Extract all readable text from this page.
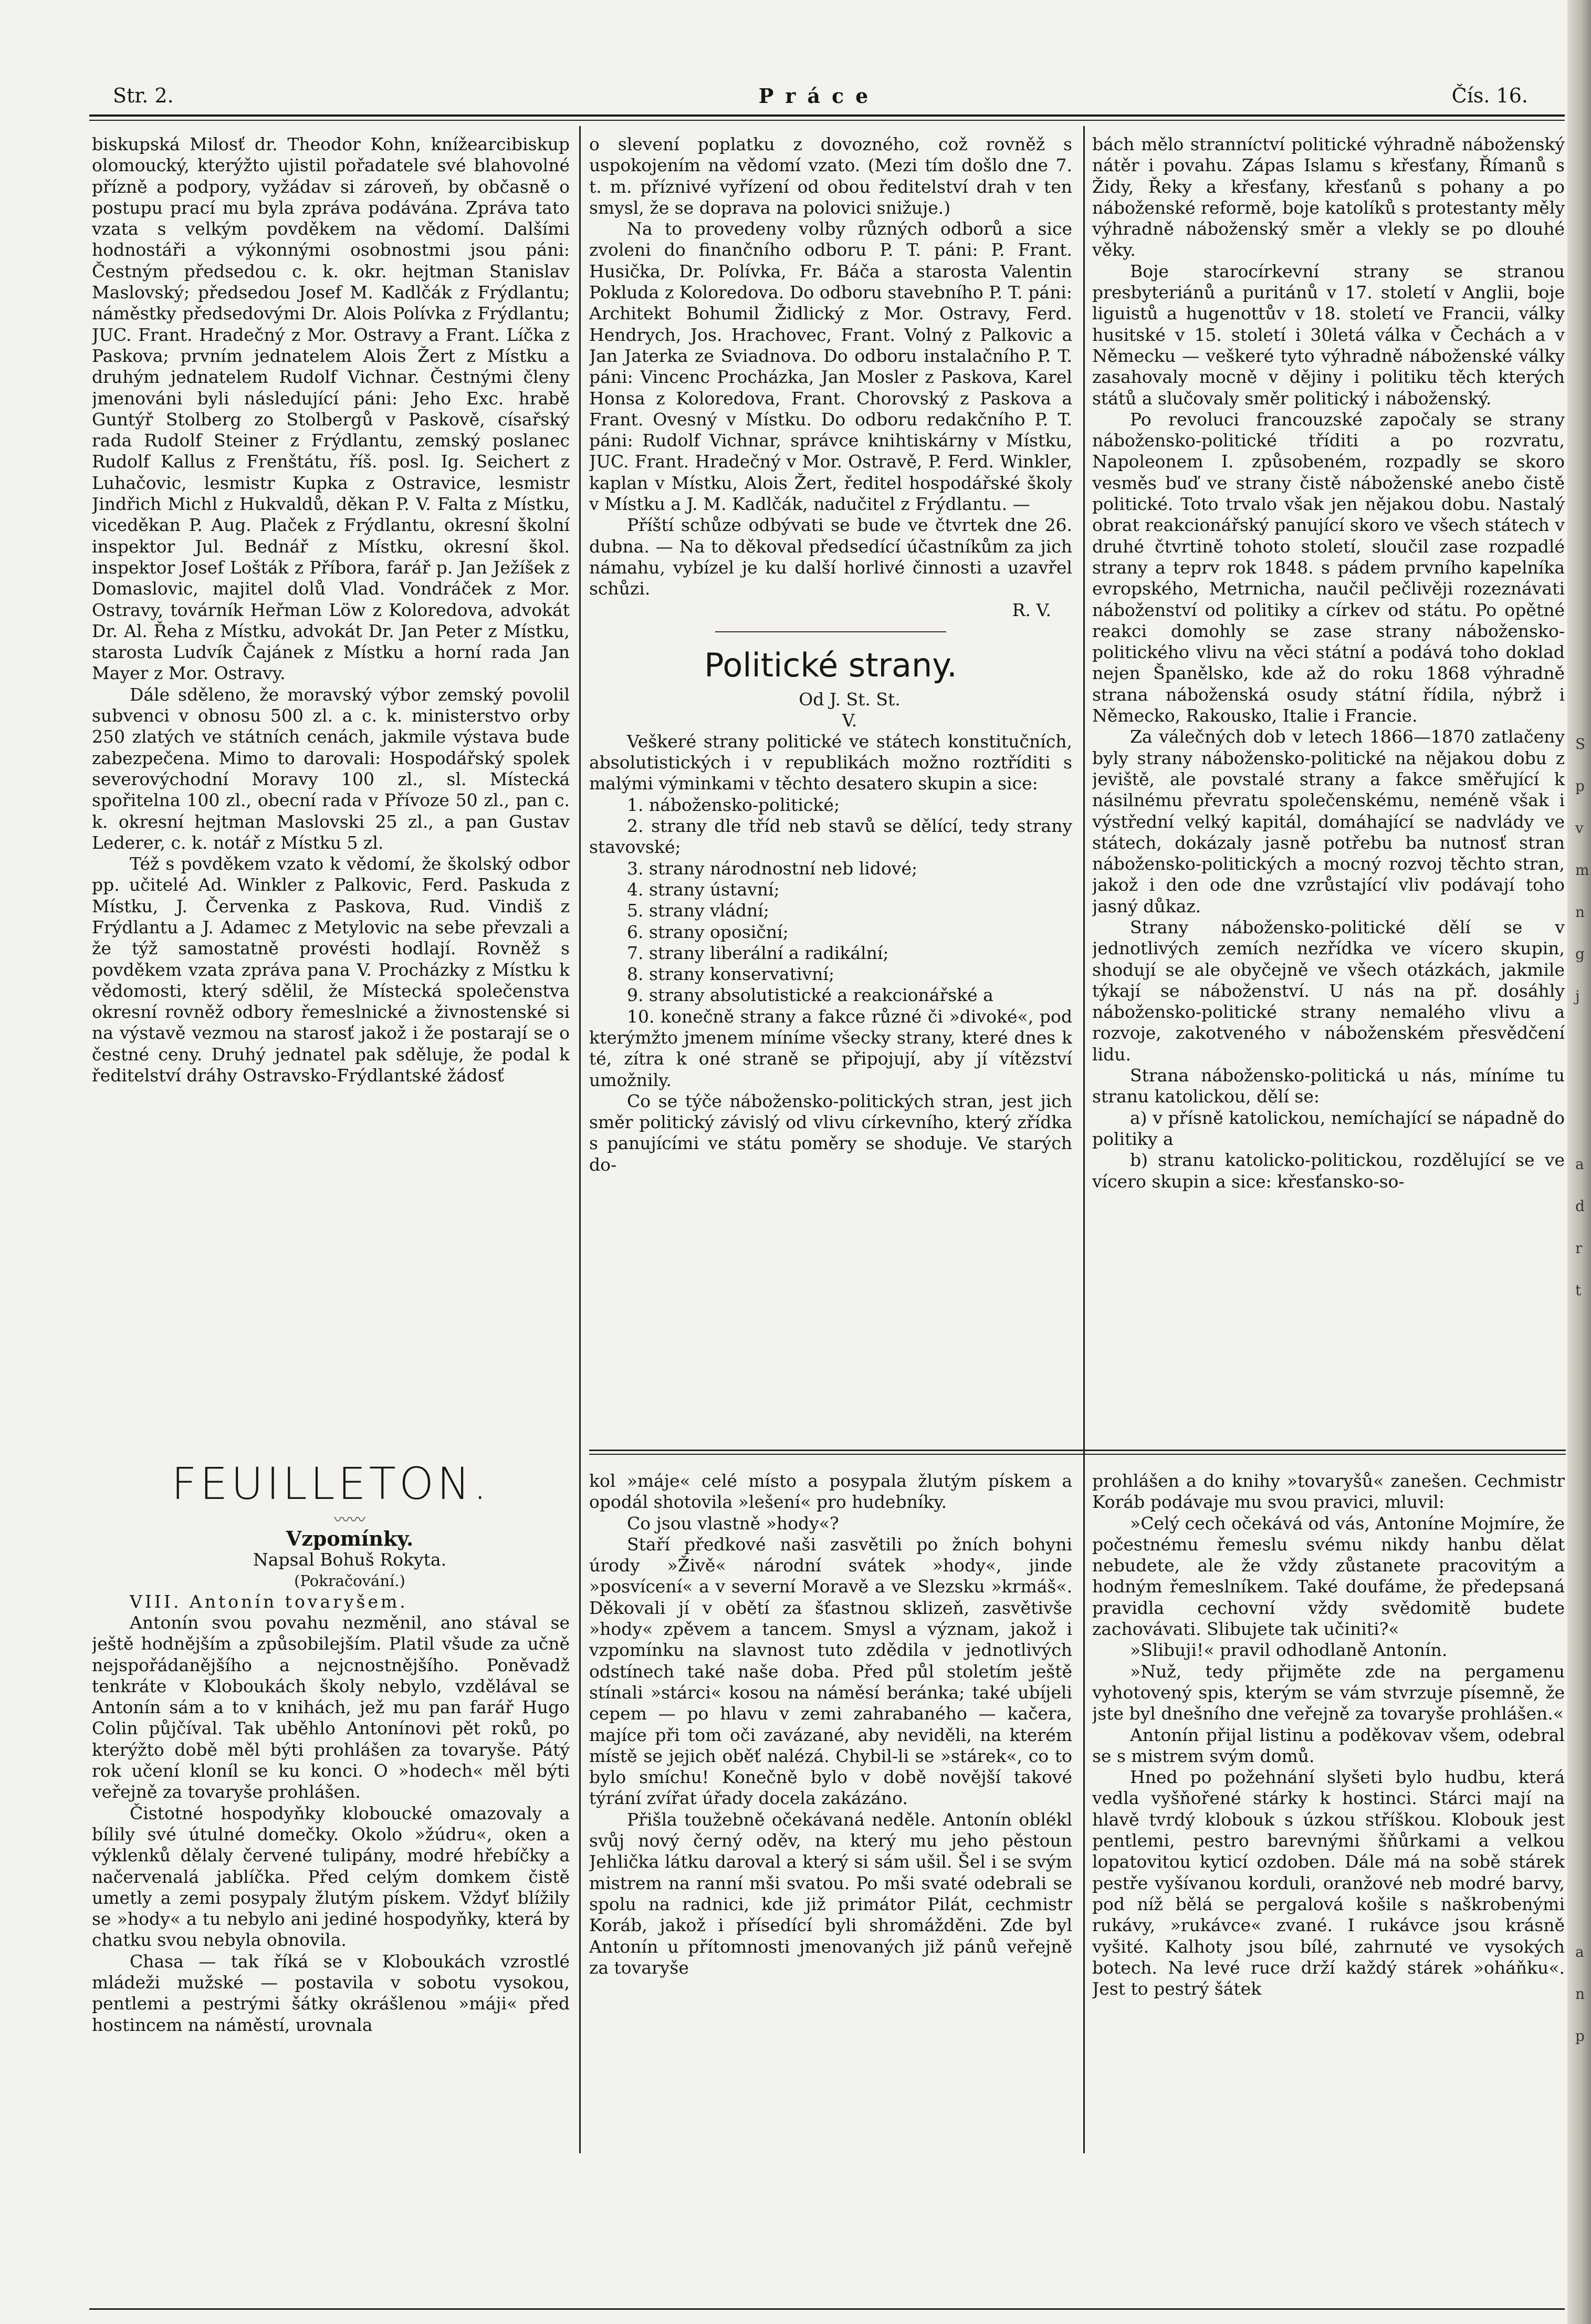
Str. 2.	Práce	Čís. 16.

biskupská Milosť dr. Theodor Kohn, knížearcibiskup olomoucký, kterýžto ujistil pořadatele své blahovolné přízně a podpory, vyžádav si zároveň, by občasně o postupu prací mu byla zpráva podávána. Zpráva tato vzata s velkým povděkem na vědomí. Dalšími hodnostáři a výkonnými osobnostmi jsou páni: Čestným předsedou c. k. okr. hejtman Stanislav Maslovský; předsedou Josef M. Kadlčák z Frýdlantu; náměstky předsedovými Dr. Alois Polívka z Frýdlantu; JUC. Frant. Hradečný z Mor. Ostravy a Frant. Líčka z Paskova; prvním jednatelem Alois Žert z Místku a druhým jednatelem Rudolf Vichnar. Čestnými členy jmenováni byli následující páni: Jeho Exc. hrabě Guntýř Stolberg zo Stolbergů v Paskově, císařský rada Rudolf Steiner z Frýdlantu, zemský poslanec Rudolf Kallus z Frenštátu, říš. posl. Ig. Seichert z Luhačovic, lesmistr Kupka z Ostravice, lesmistr Jindřich Michl z Hukvaldů, děkan P. V. Falta z Místku, viceděkan P. Aug. Plaček z Frýdlantu, okresní školní inspektor Jul. Bednář z Místku, okresní škol. inspektor Josef Lošták z Příbora, farář p. Jan Ježíšek z Domaslovic, majitel dolů Vlad. Vondráček z Mor. Ostravy, továrník Heřman Löw z Koloredova, advokát Dr. Al. Řeha z Místku, advokát Dr. Jan Peter z Místku, starosta Ludvík Čajánek z Místku a horní rada Jan Mayer z Mor. Ostravy.

Dále sděleno, že moravský výbor zemský povolil subvenci v obnosu 500 zl. a c. k. ministerstvo orby 250 zlatých ve státních cenách, jakmile výstava bude zabezpečena. Mimo to darovali: Hospodářský spolek severovýchodní Moravy 100 zl., sl. Místecká spořitelna 100 zl., obecní rada v Přívoze 50 zl., pan c. k. okresní hejtman Maslovski 25 zl., a pan Gustav Lederer, c. k. notář z Místku 5 zl.

Též s povděkem vzato k vědomí, že školský odbor pp. učitelé Ad. Winkler z Palkovic, Ferd. Paskuda z Místku, J. Červenka z Paskova, Rud. Vindiš z Frýdlantu a J. Adamec z Metylovic na sebe převzali a že týž samostatně provésti hodlají. Rovněž s povděkem vzata zpráva pana V. Procházky z Místku k vědomosti, který sdělil, že Místecká společenstva okresní rovněž odbory řemeslnické a živnostenské si na výstavě vezmou na starosť jakož i že postarají se o čestné ceny. Druhý jednatel pak sděluje, že podal k ředitelství dráhy Ostravsko-Frýdlantské žádosť

o slevení poplatku z dovozného, což rovněž s uspokojením na vědomí vzato. (Mezi tím došlo dne 7. t. m. příznivé vyřízení od obou ředitelství drah v ten smysl, že se doprava na polovici snižuje.)

Na to provedeny volby různých odborů a sice zvoleni do finančního odboru P. T. páni: P. Frant. Husička, Dr. Polívka, Fr. Báča a starosta Valentin Pokluda z Koloredova. Do odboru stavebního P. T. páni: Architekt Bohumil Židlický z Mor. Ostravy, Ferd. Hendrych, Jos. Hrachovec, Frant. Volný z Palkovic a Jan Jaterka ze Sviadnova. Do odboru instalačního P. T. páni: Vincenc Procházka, Jan Mosler z Paskova, Karel Honsa z Koloredova, Frant. Chorovský z Paskova a Frant. Ovesný v Místku. Do odboru redakčního P. T. páni: Rudolf Vichnar, správce knihtiskárny v Místku, JUC. Frant. Hradečný v Mor. Ostravě, P. Ferd. Winkler, kaplan v Místku, Alois Žert, ředitel hospodářské školy v Místku a J. M. Kadlčák, nadučitel z Frýdlantu. —

Příští schůze odbývati se bude ve čtvrtek dne 26. dubna. — Na to děkoval předsedící účastníkům za jich námahu, vybízel je ku další horlivé činnosti a uzavřel schůzi.

R. V.

Politické strany.

Od J. St. St.

V.

Veškeré strany politické ve státech konstitučních, absolutistických i v republikách možno roztříditi s malými výminkami v těchto desatero skupin a sice:

1. nábožensko-politické;

2. strany dle tříd neb stavů se dělící, tedy strany stavovské;

3. strany národnostní neb lidové;

4. strany ústavní;

5. strany vládní;

6. strany oposiční;

7. strany liberální a radikální;

8. strany konservativní;

9. strany absolutistické a reakcionářské a

10. konečně strany a fakce různé či »divoké«, pod kterýmžto jmenem míníme všecky strany, které dnes k té, zítra k oné straně se připojují, aby jí vítězství umožnily.

Co se týče nábožensko-politických stran, jest jich směr politický závislý od vlivu církevního, který zřídka s panujícími ve státu poměry se shoduje. Ve starých do-

bách mělo stranníctví politické výhradně náboženský nátěr i povahu. Zápas Islamu s křesťany, Římanů s Židy, Řeky a křesťany, křesťanů s pohany a po náboženské reformě, boje katolíků s protestanty měly výhradně náboženský směr a vlekly se po dlouhé věky.

Boje starocírkevní strany se stranou presbyteriánů a puritánů v 17. století v Anglii, boje liguistů a hugenottův v 18. století ve Francii, války husitské v 15. století i 30letá válka v Čechách a v Německu — veškeré tyto výhradně náboženské války zasahovaly mocně v dějiny i politiku těch kterých států a slučovaly směr politický i náboženský.

Po revoluci francouzské započaly se strany nábožensko-politické tříditi a po rozvratu, Napoleonem I. způsobeném, rozpadly se skoro vesměs buď ve strany čistě náboženské anebo čistě politické. Toto trvalo však jen nějakou dobu. Nastalý obrat reakcionářský panující skoro ve všech státech v druhé čtvrtině tohoto století, sloučil zase rozpadlé strany a teprv rok 1848. s pádem prvního kapelníka evropského, Metrnicha, naučil pečlivěji rozeznávati náboženství od politiky a církev od státu. Po opětné reakci domohly se zase strany nábožensko-politického vlivu na věci státní a podává toho doklad nejen Španělsko, kde až do roku 1868 výhradně strana náboženská osudy státní řídila, nýbrž i Německo, Rakousko, Italie i Francie.

Za válečných dob v letech 1866—1870 zatlačeny byly strany nábožensko-politické na nějakou dobu z jeviště, ale povstalé strany a fakce směřující k násilnému převratu společenskému, neméně však i výstřední velký kapitál, domáhající se nadvlády ve státech, dokázaly jasně potřebu ba nutnosť stran nábožensko-politických a mocný rozvoj těchto stran, jakož i den ode dne vzrůstající vliv podávají toho jasný důkaz.

Strany nábožensko-politické dělí se v jednotlivých zemích nezřídka ve vícero skupin, shodují se ale obyčejně ve všech otázkách, jakmile týkají se náboženství. U nás na př. dosáhly nábožensko-politické strany nemalého vlivu a rozvoje, zakotveného v náboženském přesvědčení lidu.

Strana nábožensko-politická u nás, míníme tu stranu katolickou, dělí se:

a) v přísně katolickou, nemíchající se nápadně do politiky a

b) stranu katolicko-politickou, rozdělující se ve vícero skupin a sice: křesťansko-so-

FEUILLETON.

〰〰

Vzpomínky.

Napsal Bohuš Rokyta.

(Pokračování.)

VIII. Antonín tovaryšem.

Antonín svou povahu nezměnil, ano stával se ještě hodnějším a způsobilejším. Platil všude za učně nejspořádanějšího a nejcnostnějšího. Poněvadž tenkráte v Kloboukách školy nebylo, vzdělával se Antonín sám a to v knihách, jež mu pan farář Hugo Colin půjčíval. Tak uběhlo Antonínovi pět roků, po kterýžto době měl býti prohlášen za tovaryše. Pátý rok učení kloníl se ku konci. O »hodech« měl býti veřejně za tovaryše prohlášen.

Čistotné hospodyňky kloboucké omazovaly a bílily své útulné domečky. Okolo »žúdru«, oken a výklenků dělaly červené tulipány, modré hřebíčky a načervenalá jablíčka. Před celým domkem čistě umetly a zemi posypaly žlutým pískem. Vždyť blížily se »hody« a tu nebylo ani jediné hospodyňky, která by chatku svou nebyla obnovila.

Chasa — tak říká se v Kloboukách vzrostlé mládeži mužské — postavila v sobotu vysokou, pentlemi a pestrými šátky okrášlenou »máji« před hostincem na náměstí, urovnala

kol »máje« celé místo a posypala žlutým pískem a opodál shotovila »lešení« pro hudebníky.

Co jsou vlastně »hody«?

Staří předkové naši zasvětili po žních bohyni úrody »Živě« národní svátek »hody«, jinde »posvícení« a v severní Moravě a ve Slezsku »krmáš«. Děkovali jí v obětí za šťastnou sklizeň, zasvětivše »hody« zpěvem a tancem. Smysl a význam, jakož i vzpomínku na slavnost tuto zdědila v jednotlivých odstínech také naše doba. Před půl stoletím ještě stínali »stárci« kosou na náměsí beránka; také ubíjeli cepem — po hlavu v zemi zahrabaného — kačera, majíce při tom oči zavázané, aby neviděli, na kterém místě se jejich oběť nalézá. Chybil-li se »stárek«, co to bylo smíchu! Konečně bylo v době novější takové týrání zvířat úřady docela zakázáno.

Přišla toužebně očekávaná neděle. Antonín oblékl svůj nový černý oděv, na který mu jeho pěstoun Jehlička látku daroval a který si sám ušil. Šel i se svým mistrem na ranní mši svatou. Po mši svaté odebrali se spolu na radnici, kde již primátor Pilát, cechmistr Koráb, jakož i přísedící byli shromážděni. Zde byl Antonín u přítomnosti jmenovaných již pánů veřejně za tovaryše

prohlášen a do knihy »tovaryšů« zanešen. Cechmistr Koráb podávaje mu svou pravici, mluvil:

»Celý cech očekává od vás, Antoníne Mojmíre, že počestnému řemeslu svému nikdy hanbu dělat nebudete, ale že vždy zůstanete pracovitým a hodným řemeslníkem. Také doufáme, že předepsaná pravidla cechovní vždy svědomitě budete zachovávati. Slibujete tak učiniti?«

»Slibuji!« pravil odhodlaně Antonín.

»Nuž, tedy přijměte zde na pergamenu vyhotovený spis, kterým se vám stvrzuje písemně, že jste byl dnešního dne veřejně za tovaryše prohlášen.«

Antonín přijal listinu a poděkovav všem, odebral se s mistrem svým domů.

Hned po požehnání slyšeti bylo hudbu, která vedla vyšňořené stárky k hostinci. Stárci mají na hlavě tvrdý klobouk s úzkou stříškou. Klobouk jest pentlemi, pestro barevnými šňůrkami a velkou lopatovitou kyticí ozdoben. Dále má na sobě stárek pestře vyšívanou korduli, oranžové neb modré barvy, pod níž bělá se pergalová košile s naškrobenými rukávy, »rukávce« zvané. I rukávce jsou krásně vyšité. Kalhoty jsou bílé, zahrnuté ve vysokých botech. Na levé ruce drží každý stárek »oháňku«. Jest to pestrý šátek

S
p
v
m
n
g
j
a
d
r
t
a
n
p
